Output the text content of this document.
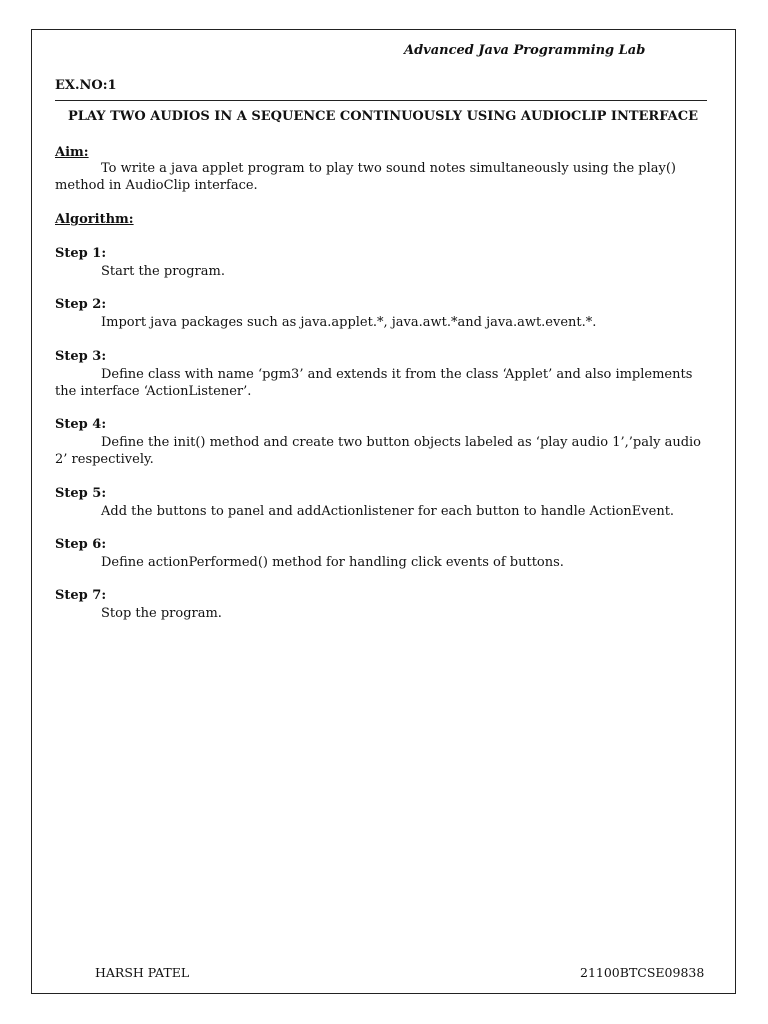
Advanced Java Programming Lab
EX.NO:1
PLAY TWO AUDIOS IN A SEQUENCE CONTINUOUSLY USING AUDIOCLIP INTERFACE
Aim:

To write a java applet program to play two sound notes simultaneously using the play() method in AudioClip interface.

Algorithm:
Step 1:

Start the program.

Step 2:

Import java packages such as java.applet.*, java.awt.*and java.awt.event.*.

Step 3:

Define class with name ‘pgm3’ and extends it from the class ‘Applet’ and also implements the interface ‘ActionListener’.

Step 4:

Define the init() method and create two button objects labeled as ‘play audio 1’,’paly audio 2’ respectively.

Step 5:

Add the buttons to panel and addActionlistener for each button to handle ActionEvent.

Step 6:

Define actionPerformed() method for handling click events of buttons.

Step 7:

Stop the program.

HARSH PATEL	21100BTCSE09838
